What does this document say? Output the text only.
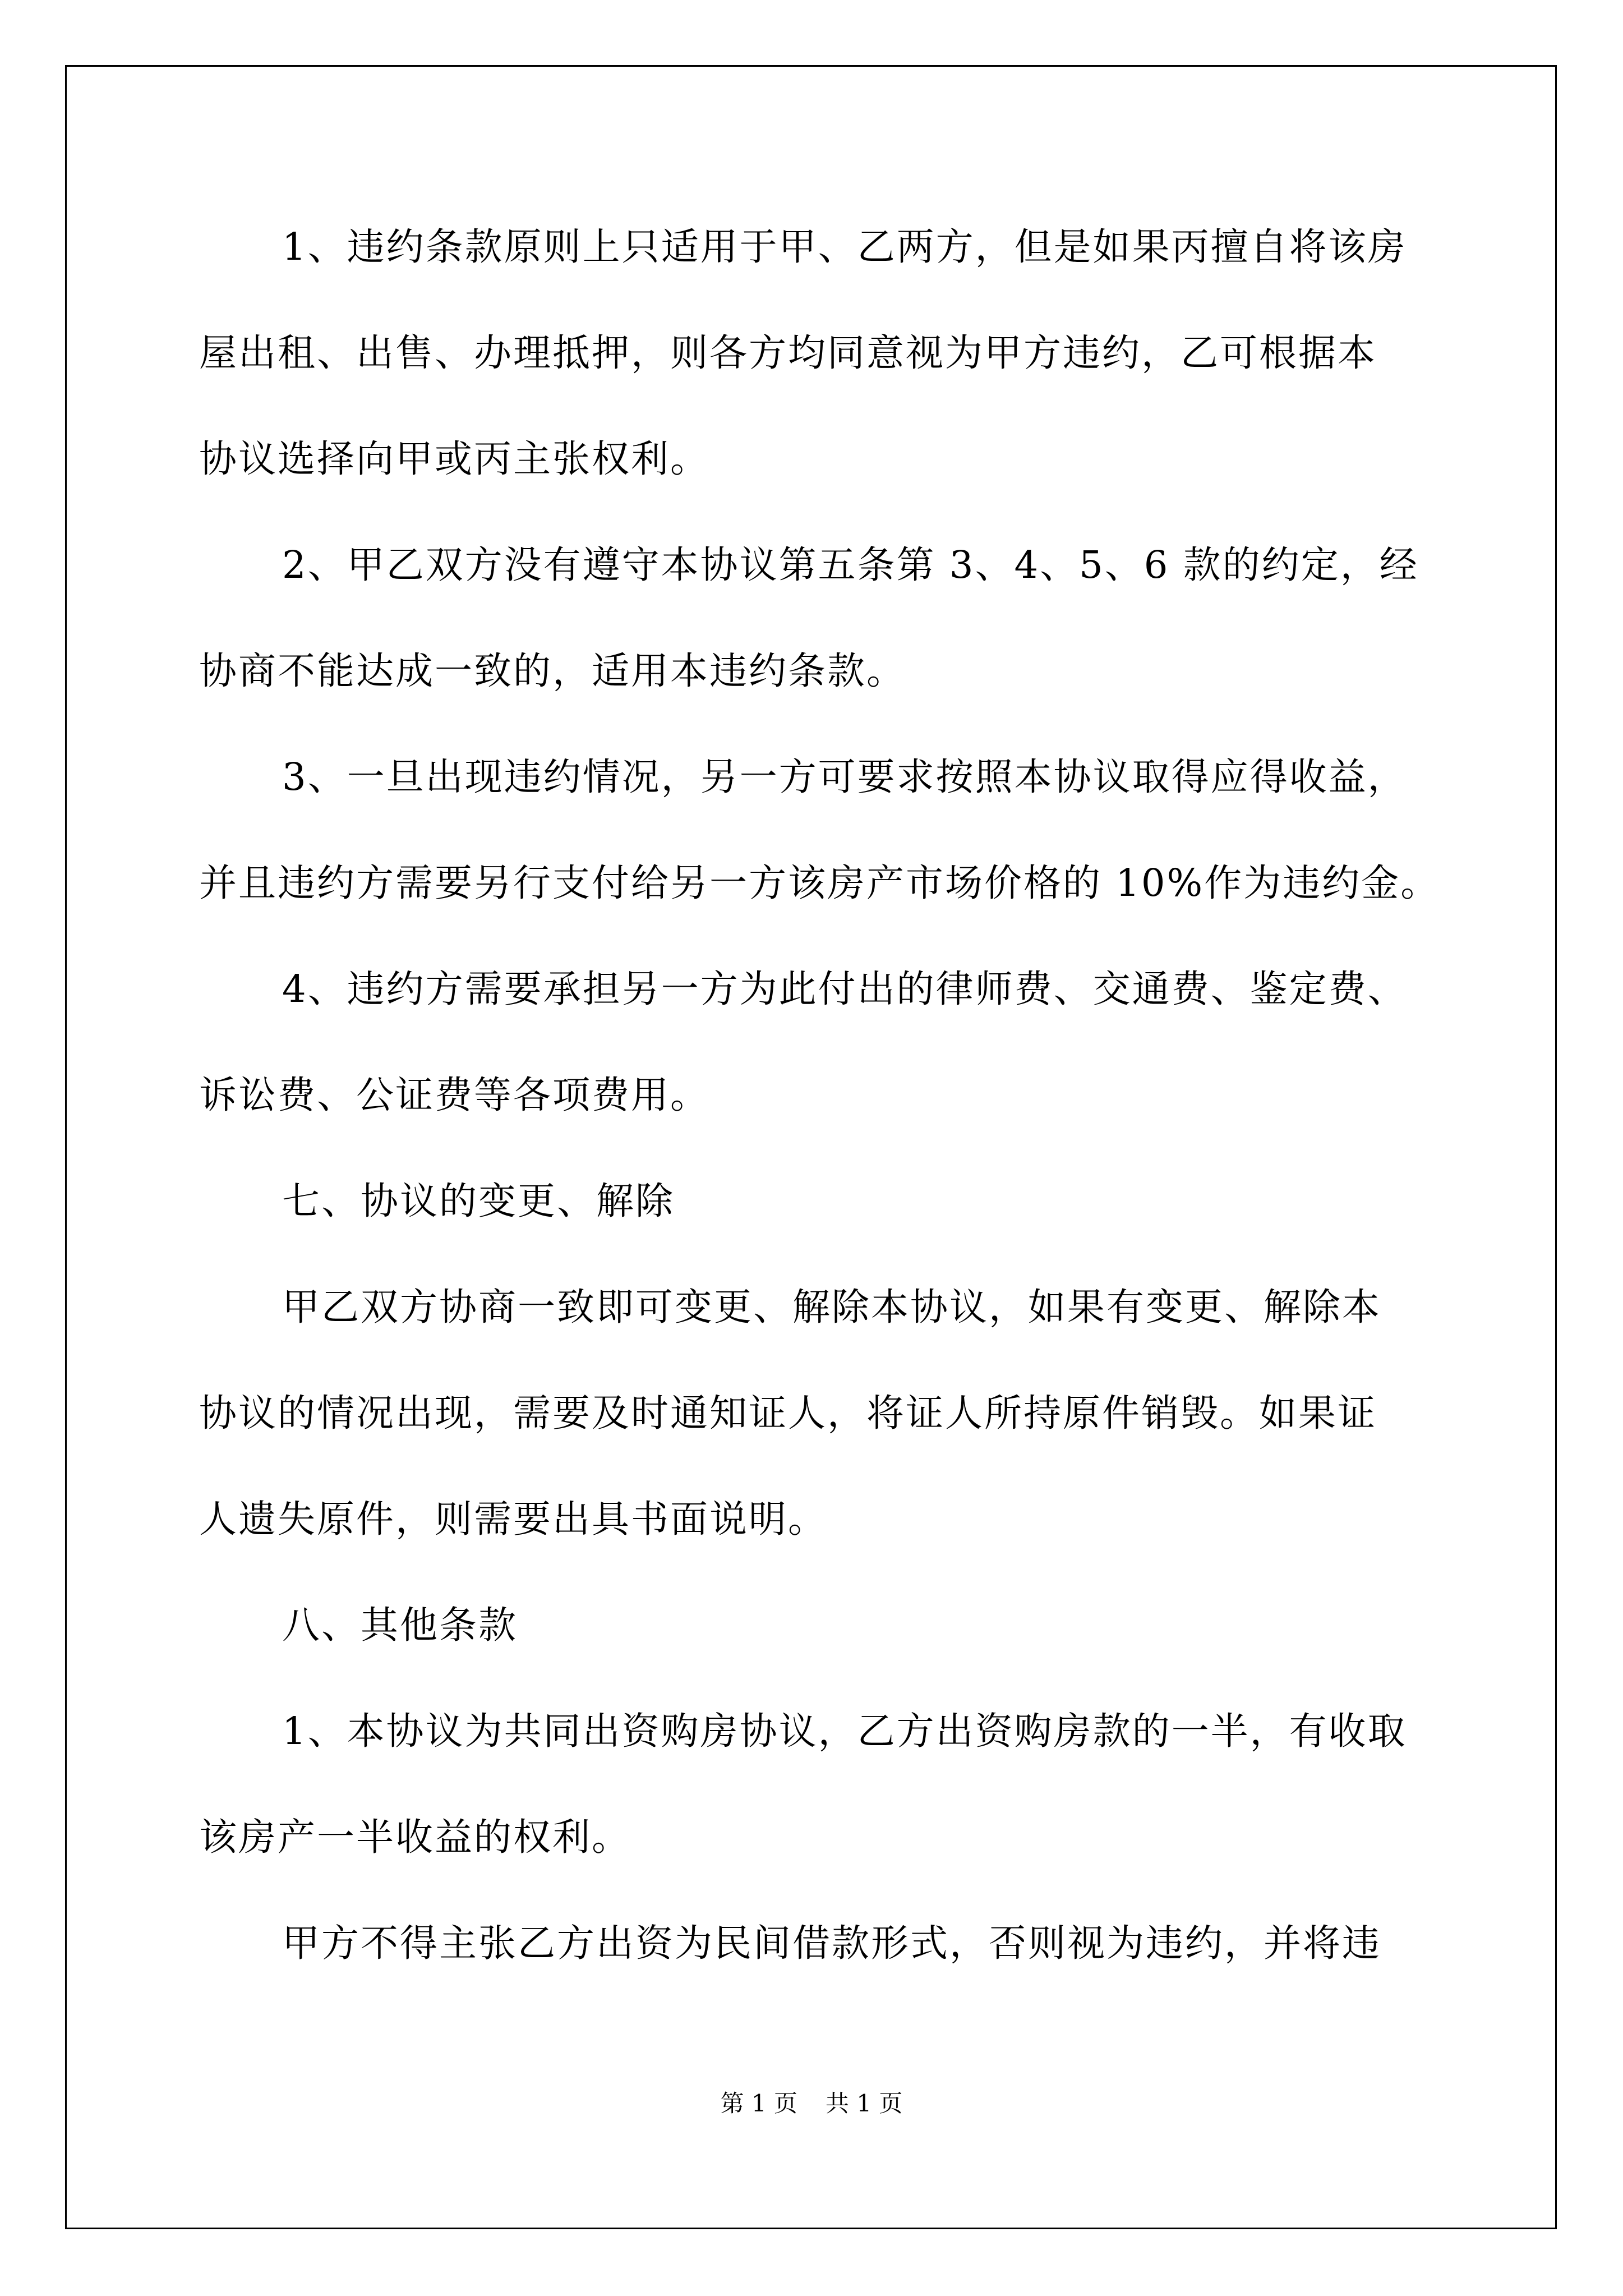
1、违约条款原则上只适用于甲、乙两方，但是如果丙擅自将该房
屋出租、出售、办理抵押，则各方均同意视为甲方违约，乙可根据本
协议选择向甲或丙主张权利。
2、甲乙双方没有遵守本协议第五条第 3、4、5、6 款的约定，经
协商不能达成一致的，适用本违约条款。
3、一旦出现违约情况，另一方可要求按照本协议取得应得收益，
并且违约方需要另行支付给另一方该房产市场价格的 10%作为违约金。
4、违约方需要承担另一方为此付出的律师费、交通费、鉴定费、
诉讼费、公证费等各项费用。
七、协议的变更、解除
甲乙双方协商一致即可变更、解除本协议，如果有变更、解除本
协议的情况出现，需要及时通知证人，将证人所持原件销毁。如果证
人遗失原件，则需要出具书面说明。
八、其他条款
1、本协议为共同出资购房协议，乙方出资购房款的一半，有收取
该房产一半收益的权利。
甲方不得主张乙方出资为民间借款形式，否则视为违约，并将违
第 1 页 共 1 页
